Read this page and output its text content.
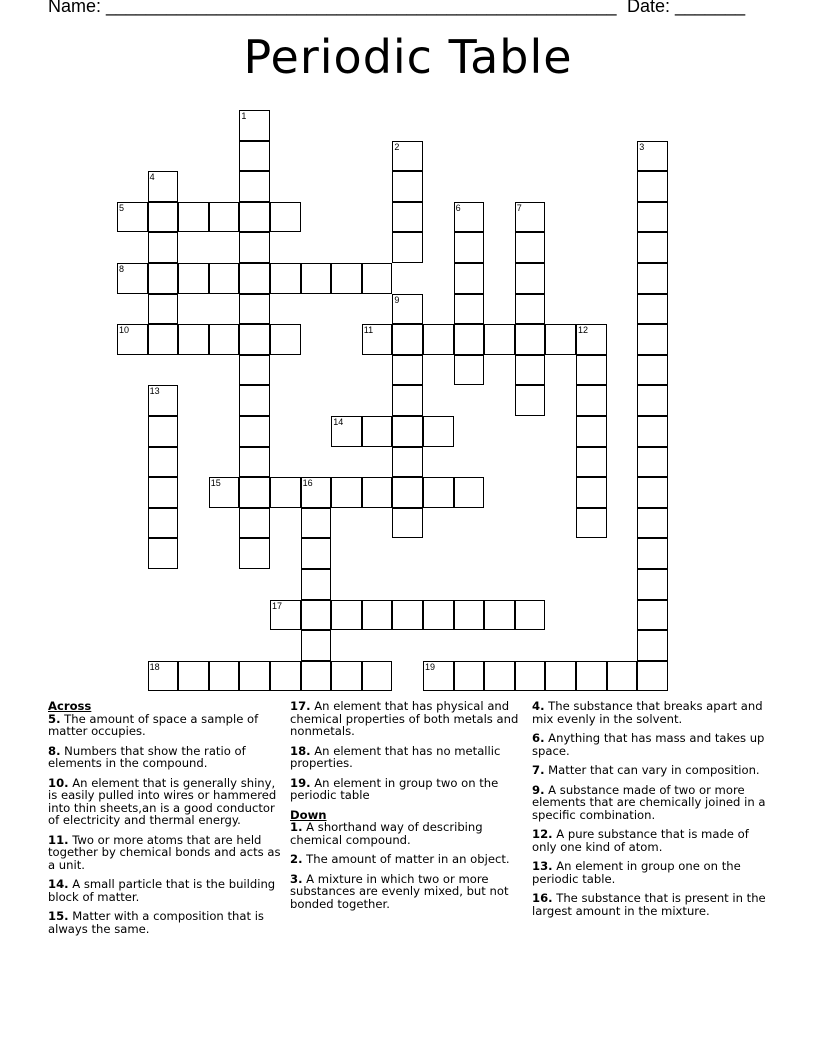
Name: ___________________________________________________ Date: _______
Periodic Table
1
2	3
4
5	6	7
8
9
10	11	12
13
14
15	16
17
18	19
Across
5. The amount of space a sample of matter occupies.
8. Numbers that show the ratio of elements in the compound.
10. An element that is generally shiny, is easily pulled into wires or hammered into thin sheets,an is a good conductor of electricity and thermal energy.
11. Two or more atoms that are held together by chemical bonds and acts as a unit.
14. A small particle that is the building block of matter.
15. Matter with a composition that is always the same.
17. An element that has physical and chemical properties of both metals and nonmetals.
18. An element that has no metallic properties.
19. An element in group two on the periodic table
Down
1. A shorthand way of describing chemical compound.
2. The amount of matter in an object.
3. A mixture in which two or more substances are evenly mixed, but not bonded together.
4. The substance that breaks apart and mix evenly in the solvent.
6. Anything that has mass and takes up space.
7. Matter that can vary in composition.
9. A substance made of two or more elements that are chemically joined in a specific combination.
12. A pure substance that is made of only one kind of atom.
13. An element in group one on the periodic table.
16. The substance that is present in the largest amount in the mixture.
